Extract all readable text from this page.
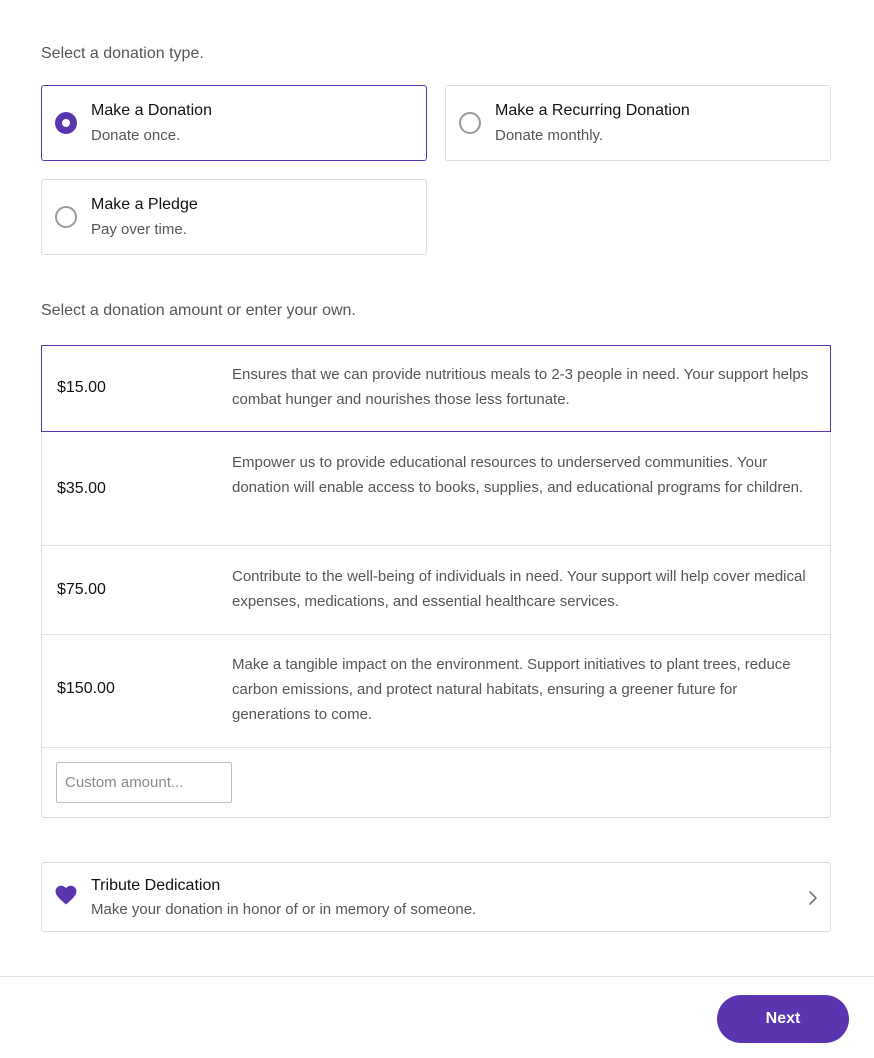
Select a donation type.
Make a Donation
Donate once.
Make a Recurring Donation
Donate monthly.
Make a Pledge
Pay over time.
Select a donation amount or enter your own.
$15.00
Ensures that we can provide nutritious meals to 2-3 people in need. Your support helps combat hunger and nourishes those less fortunate.
$35.00
Empower us to provide educational resources to underserved communities. Your donation will enable access to books, supplies, and educational programs for children.
$75.00
Contribute to the well-being of individuals in need. Your support will help cover medical expenses, medications, and essential healthcare services.
$150.00
Make a tangible impact on the environment. Support initiatives to plant trees, reduce carbon emissions, and protect natural habitats, ensuring a greener future for generations to come.
Custom amount...
Tribute Dedication
Make your donation in honor of or in memory of someone.
Next
